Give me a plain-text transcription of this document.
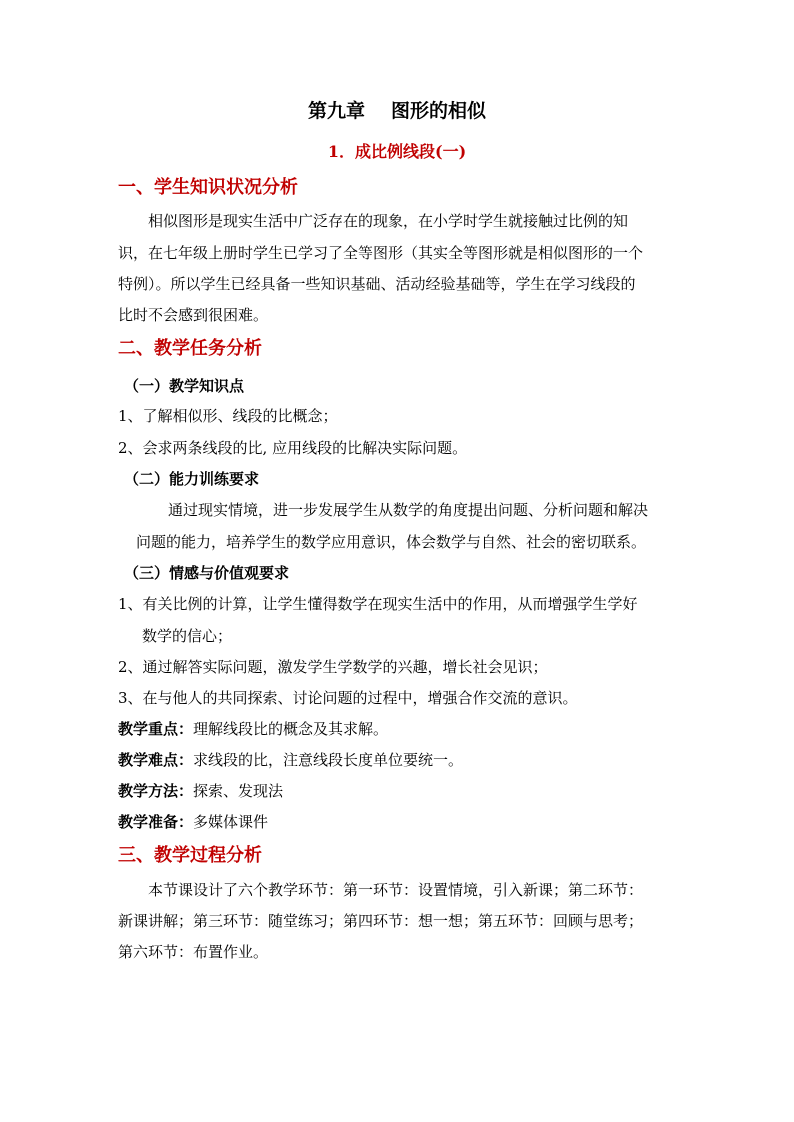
第九章 图形的相似
1．成比例线段(一)
一、学生知识状况分析

相似图形是现实生活中广泛存在的现象，在小学时学生就接触过比例的知

识，在七年级上册时学生已学习了全等图形（其实全等图形就是相似图形的一个

特例）。所以学生已经具备一些知识基础、活动经验基础等，学生在学习线段的

比时不会感到很困难。

二、教学任务分析
（一）教学知识点

1、了解相似形、线段的比概念；

2、会求两条线段的比, 应用线段的比解决实际问题。

（二）能力训练要求

通过现实情境，进一步发展学生从数学的角度提出问题、分析问题和解决

问题的能力，培养学生的数学应用意识，体会数学与自然、社会的密切联系。

（三）情感与价值观要求

1、有关比例的计算，让学生懂得数学在现实生活中的作用，从而增强学生学好

数学的信心；

2、通过解答实际问题，激发学生学数学的兴趣，增长社会见识；

3、在与他人的共同探索、讨论问题的过程中，增强合作交流的意识。

教学重点：理解线段比的概念及其求解。

教学难点：求线段的比，注意线段长度单位要统一。

教学方法：探索、发现法

教学准备：多媒体课件

三、教学过程分析

本节课设计了六个教学环节：第一环节：设置情境，引入新课；第二环节：

新课讲解；第三环节：随堂练习；第四环节：想一想；第五环节：回顾与思考；

第六环节：布置作业。
